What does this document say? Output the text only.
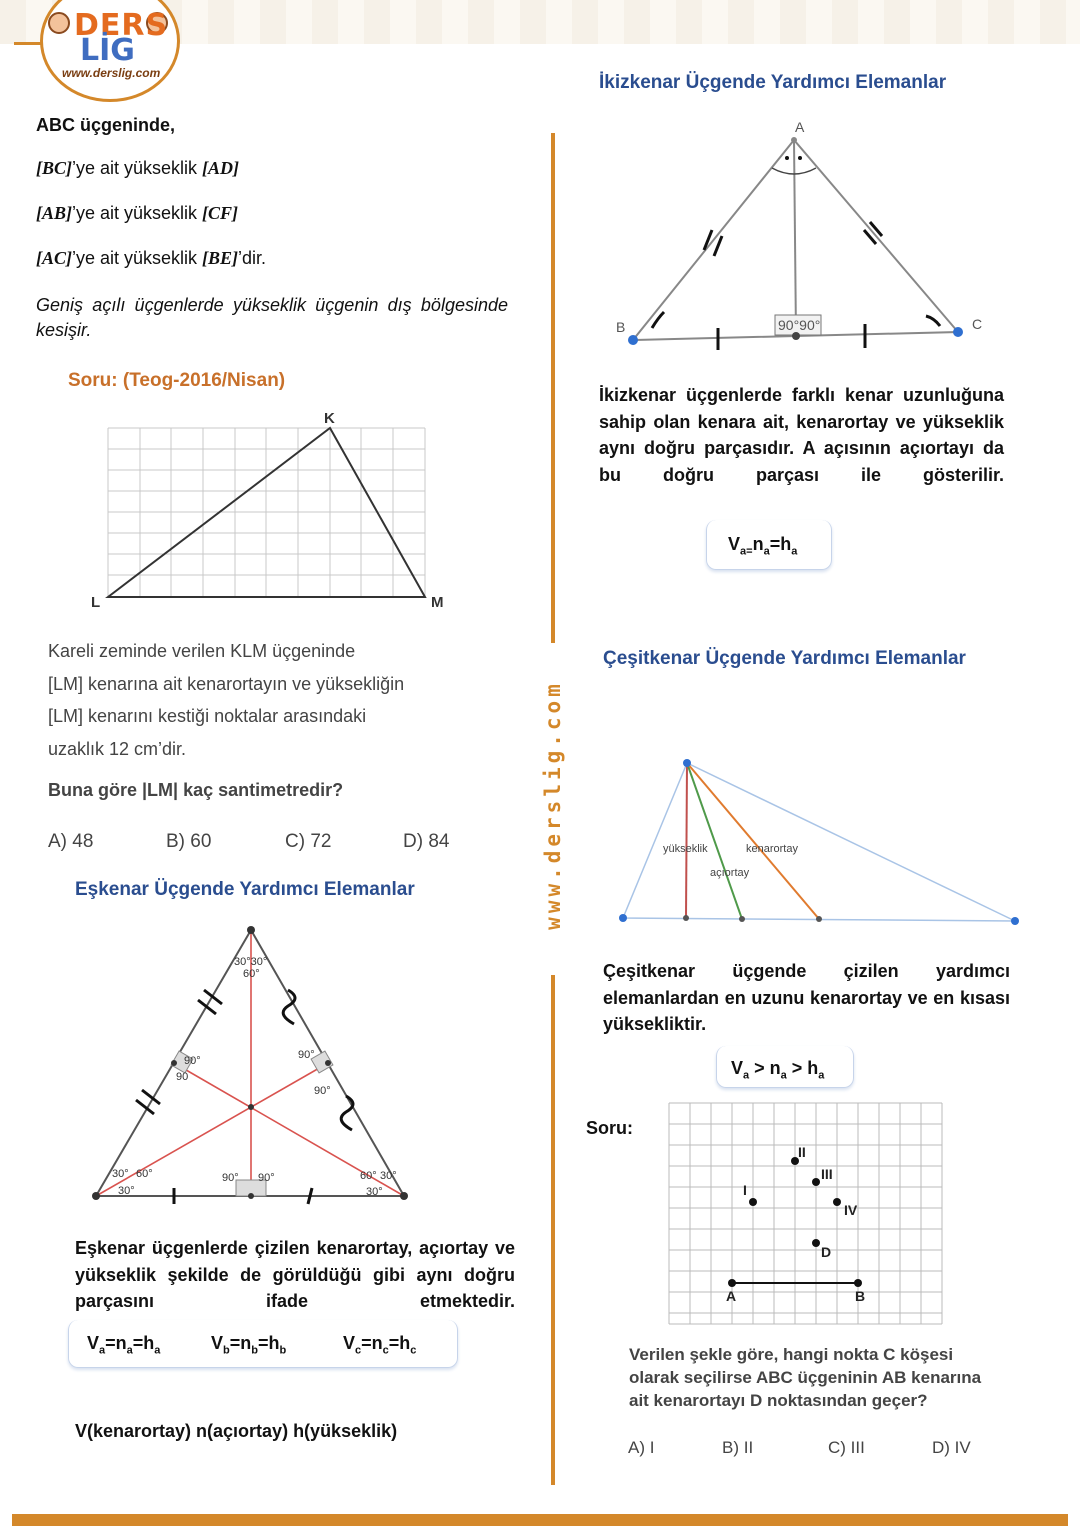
DERS
LİG
www.derslig.com
ABC üçgeninde,
[BC]’ye ait yükseklik [AD]
[AB]’ye ait yükseklik [CF]
[AC]’ye ait yükseklik [BE]’dir.
Geniş açılı üçgenlerde yükseklik üçgenin dış bölgesinde kesişir.
Soru: (Teog-2016/Nisan)
K
L	M
Kareli zeminde verilen KLM üçgeninde
[LM] kenarına ait kenarortayın ve yüksekliğin
[LM] kenarını kestiği noktalar arasındaki
uzaklık 12 cm’dir.
Buna göre |LM| kaç santimetredir?
A) 48	B) 60	C) 72	D) 84
Eşkenar Üçgende Yardımcı Elemanlar
30°30°
60°
90°
90
90°
90°
30° 60°
30°
90° 90°	60° 30°
30°
Eşkenar üçgenlerde çizilen kenarortay, açıortay ve yükseklik şekilde de görüldüğü gibi aynı doğru parçasını ifade etmektedir.
$V_a=n_a=h_a$	$V_b=n_b=h_b$	$V_c=n_c=h_c$
V(kenarortay) n(açıortay) h(yükseklik)
www.derslig.com
İkizkenar Üçgende Yardımcı Elemanlar
A
B	C
90°90°
İkizkenar üçgenlerde farklı kenar uzunluğuna sahip olan kenara ait, kenarortay ve yükseklik aynı doğru parçasıdır. A açısının açıortayı da bu doğru parçası ile gösterilir.
$V_{a=}n_a=h_a$
Çeşitkenar Üçgende Yardımcı Elemanlar
yükseklik	kenarortay
açıortay
Çeşitkenar üçgende çizilen yardımcı elemanlardan en uzunu kenarortay ve en kısası yüksekliktir.
$V_a > n_a > h_a$
Soru:
I
II
III
IV
D
A	B
Verilen şekle göre, hangi nokta C köşesi
olarak seçilirse ABC üçgeninin AB kenarına
ait kenarortayı D noktasından geçer?
A) I	B) II	C) III	D) IV
